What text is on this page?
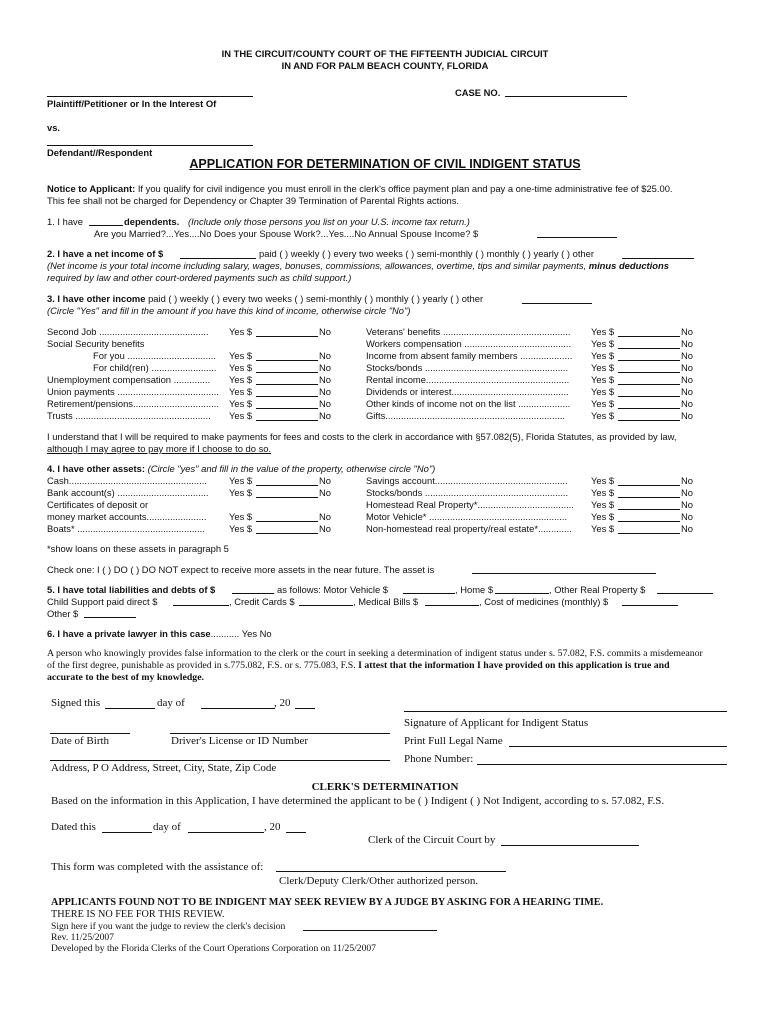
IN THE CIRCUIT/COUNTY COURT OF THE FIFTEENTH JUDICIAL CIRCUIT
IN AND FOR PALM BEACH COUNTY, FLORIDA
CASE NO.
Plaintiff/Petitioner or In the Interest Of
vs.
Defendant//Respondent
APPLICATION FOR DETERMINATION OF CIVIL INDIGENT STATUS
Notice to Applicant: If you qualify for civil indigence you must enroll in the clerk's office payment plan and pay a one-time administrative fee of $25.00.
This fee shall not be charged for Dependency or Chapter 39 Termination of Parental Rights actions.
1. I have	dependents. (Include only those persons you list on your U.S. income tax return.)
Are you Married?...Yes....No Does your Spouse Work?...Yes....No Annual Spouse Income? $
2. I have a net income of $	paid ( ) weekly ( ) every two weeks ( ) semi-monthly ( ) monthly ( ) yearly ( ) other
(Net income is your total income including salary, wages, bonuses, commissions, allowances, overtime, tips and similar payments, minus deductions
required by law and other court-ordered payments such as child support.)
3. I have other income paid ( ) weekly ( ) every two weeks ( ) semi-monthly ( ) monthly ( ) yearly ( ) other
(Circle "Yes" and fill in the amount if you have this kind of income, otherwise circle "No")
Second Job .......................................... Yes $	No
Social Security benefits
For you .................................. Yes $	No
For child(ren) ......................... Yes $	No
Unemployment compensation .............. Yes $	No
Union payments ....................................... Yes $	No
Retirement/pensions................................. Yes $	No
Trusts .................................................... Yes $	No
Veterans' benefits ................................................. Yes $	No
Workers compensation ......................................... Yes $	No
Income from absent family members .................... Yes $	No
Stocks/bonds ....................................................... Yes $	No
Rental income....................................................... Yes $	No
Dividends or interest............................................. Yes $	No
Other kinds of income not on the list .................... Yes $	No
Gifts.....................................................................	Yes $	No
I understand that I will be required to make payments for fees and costs to the clerk in accordance with §57.082(5), Florida Statutes, as provided by law,
although I may agree to pay more if I choose to do so.
4. I have other assets: (Circle "yes" and fill in the value of the property, otherwise circle "No")
Cash..................................................... Yes $	No
Bank account(s) ................................... Yes $	No
Certificates of deposit or
money market accounts....................... Yes $	No
Boats* .................................................	Yes $	No
Savings account................................................... Yes $	No
Stocks/bonds ....................................................... Yes $	No
Homestead Real Property*..................................... Yes $	No
Motor Vehicle* .....................................................	Yes $	No
Non-homestead real property/real estate*............. Yes $	No
*show loans on these assets in paragraph 5
Check one: I ( ) DO ( ) DO NOT expect to receive more assets in the near future. The asset is
5. I have total liabilities and debts of $	as follows: Motor Vehicle $	, Home $	, Other Real Property $
Child Support paid direct $	, Credit Cards $	, Medical Bills $	, Cost of medicines (monthly) $
Other $
6. I have a private lawyer in this case........... Yes No
A person who knowingly provides false information to the clerk or the court in seeking a determination of indigent status under s. 57.082, F.S. commits a misdemeanor
of the first degree, punishable as provided in s.775.082, F.S. or s. 775.083, F.S. I attest that the information I have provided on this application is true and
accurate to the best of my knowledge.
Signed this	day of	, 20
Signature of Applicant for Indigent Status
Date of Birth	Driver's License or ID Number	Print Full Legal Name
Phone Number:
Address, P O Address, Street, City, State, Zip Code
CLERK'S DETERMINATION
Based on the information in this Application, I have determined the applicant to be ( ) Indigent ( ) Not Indigent, according to s. 57.082, F.S.
Dated this	day of	, 20
Clerk of the Circuit Court by
This form was completed with the assistance of:
Clerk/Deputy Clerk/Other authorized person.
APPLICANTS FOUND NOT TO BE INDIGENT MAY SEEK REVIEW BY A JUDGE BY ASKING FOR A HEARING TIME.
THERE IS NO FEE FOR THIS REVIEW.
Sign here if you want the judge to review the clerk's decision
Rev. 11/25/2007
Developed by the Florida Clerks of the Court Operations Corporation on 11/25/2007
